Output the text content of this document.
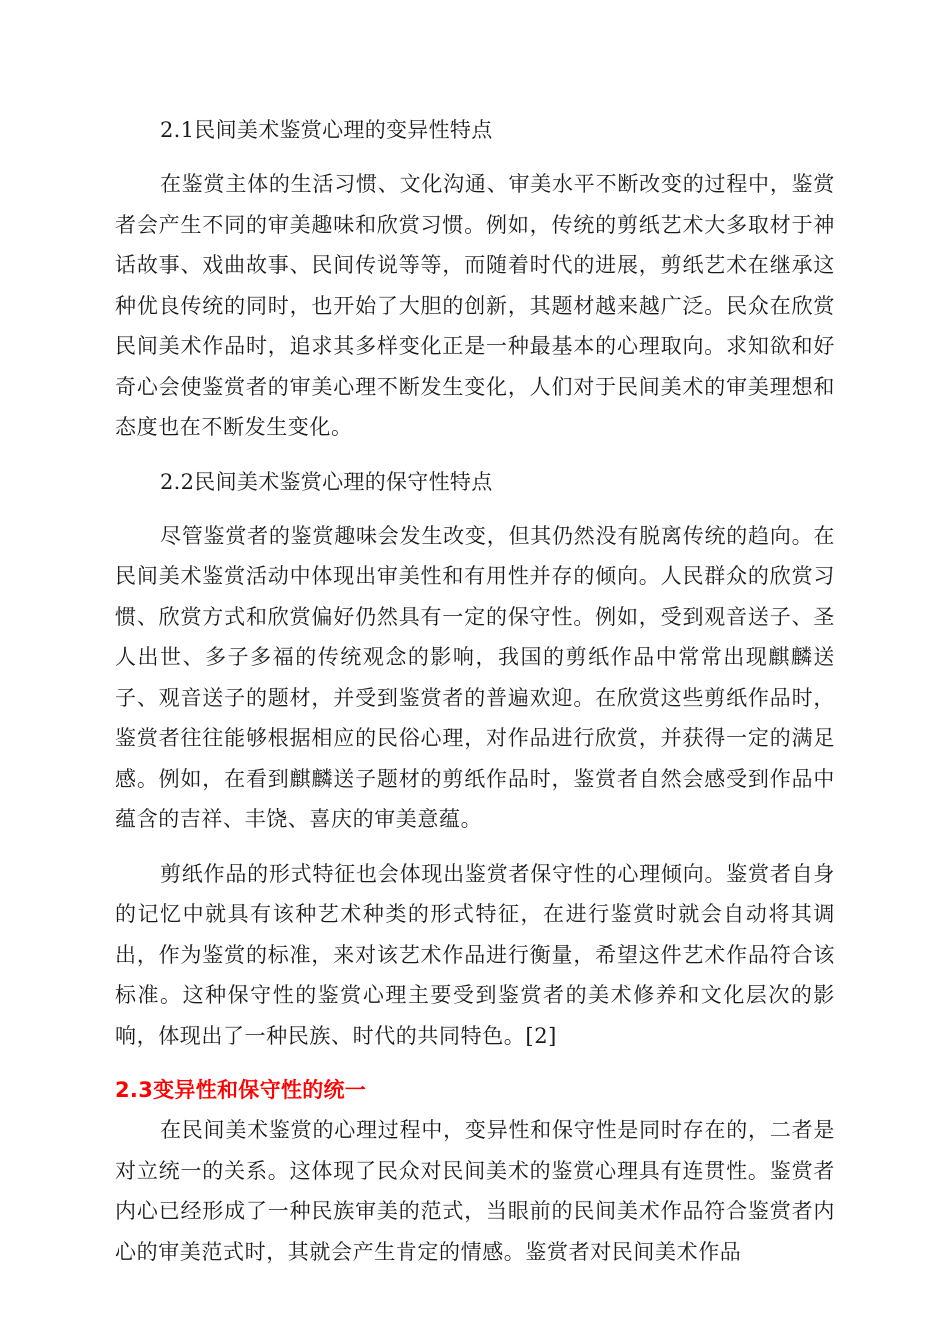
2.1民间美术鉴赏心理的变异性特点

在鉴赏主体的生活习惯、文化沟通、审美水平不断改变的过程中，鉴赏者会产生不同的审美趣味和欣赏习惯。例如，传统的剪纸艺术大多取材于神话故事、戏曲故事、民间传说等等，而随着时代的进展，剪纸艺术在继承这种优良传统的同时，也开始了大胆的创新，其题材越来越广泛。民众在欣赏民间美术作品时，追求其多样变化正是一种最基本的心理取向。求知欲和好奇心会使鉴赏者的审美心理不断发生变化，人们对于民间美术的审美理想和态度也在不断发生变化。

2.2民间美术鉴赏心理的保守性特点

尽管鉴赏者的鉴赏趣味会发生改变，但其仍然没有脱离传统的趋向。在民间美术鉴赏活动中体现出审美性和有用性并存的倾向。人民群众的欣赏习惯、欣赏方式和欣赏偏好仍然具有一定的保守性。例如，受到观音送子、圣人出世、多子多福的传统观念的影响，我国的剪纸作品中常常出现麒麟送子、观音送子的题材，并受到鉴赏者的普遍欢迎。在欣赏这些剪纸作品时，鉴赏者往往能够根据相应的民俗心理，对作品进行欣赏，并获得一定的满足感。例如，在看到麒麟送子题材的剪纸作品时，鉴赏者自然会感受到作品中蕴含的吉祥、丰饶、喜庆的审美意蕴。

剪纸作品的形式特征也会体现出鉴赏者保守性的心理倾向。鉴赏者自身的记忆中就具有该种艺术种类的形式特征，在进行鉴赏时就会自动将其调出，作为鉴赏的标准，来对该艺术作品进行衡量，希望这件艺术作品符合该标准。这种保守性的鉴赏心理主要受到鉴赏者的美术修养和文化层次的影响，体现出了一种民族、时代的共同特色。[2]

2.3变异性和保守性的统一

在民间美术鉴赏的心理过程中，变异性和保守性是同时存在的，二者是对立统一的关系。这体现了民众对民间美术的鉴赏心理具有连贯性。鉴赏者内心已经形成了一种民族审美的范式，当眼前的民间美术作品符合鉴赏者内心的审美范式时，其就会产生肯定的情感。鉴赏者对民间美术作品
